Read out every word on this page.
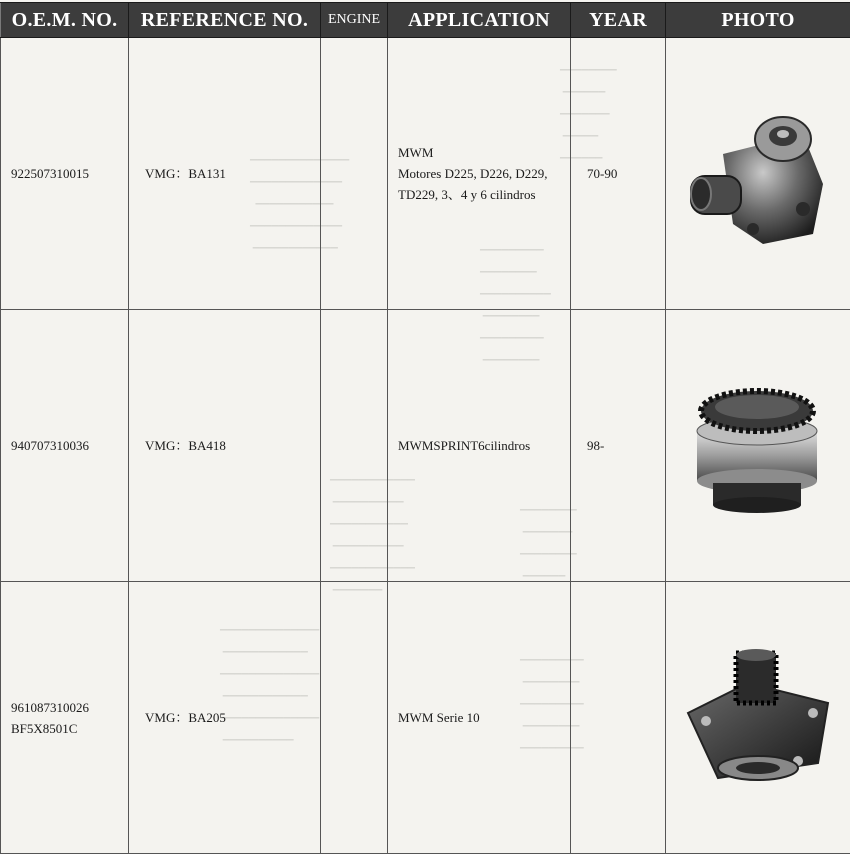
────────
──────
───────
─────
──────
──────────────
─────────────
───────────
─────────────
────────────	─────────
────────
──────────
────────
─────────
────────
────────────
──────────
───────────
──────────
────────────
───────
────────
───────
────────
──────
──────────────
────────────
──────────────
────────────
──────────────
──────────
─────────
────────
─────────
────────
─────────
O.E.M. NO.	REFERENCE NO.	ENGINE	APPLICATION	YEAR	PHOTO

922507310015	VMG：BA131		MWM
Motores D225, D226, D229,
TD229, 3、4 y 6 cilindros	70-90	

940707310036	VMG：BA418		MWMSPRINT6cilindros	98-	

961087310026
BF5X8501C	VMG：BA205		MWM Serie 10
